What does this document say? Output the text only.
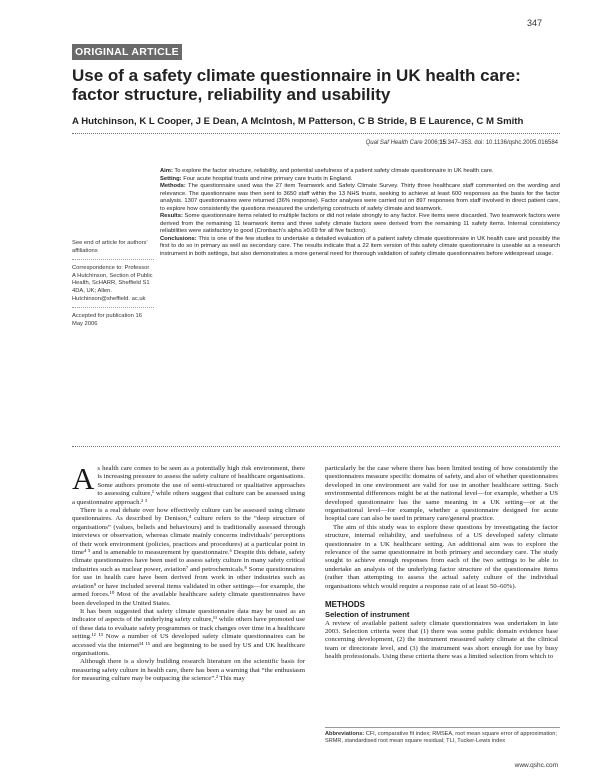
347
ORIGINAL ARTICLE
Use of a safety climate questionnaire in UK health care: factor structure, reliability and usability
A Hutchinson, K L Cooper, J E Dean, A McIntosh, M Patterson, C B Stride, B E Laurence, C M Smith
Qual Saf Health Care 2006;15:347–353. doi: 10.1136/qshc.2005.016584
See end of article for authors’ affiliations
Correspondence to: Professor A Hutchinson, Section of Public Health, ScHARR, Sheffield S1 4DA, UK; Allen. Hutchinson@sheffield. ac.uk
Accepted for publication 16 May 2006

Aim: To explore the factor structure, reliability, and potential usefulness of a patient safety climate questionnaire in UK health care.

Setting: Four acute hospital trusts and nine primary care trusts in England.

Methods: The questionnaire used was the 27 item Teamwork and Safety Climate Survey. Thirty three healthcare staff commented on the wording and relevance. The questionnaire was then sent to 3650 staff within the 13 NHS trusts, seeking to achieve at least 600 responses as the basis for the factor analysis. 1307 questionnaires were returned (36% response). Factor analyses were carried out on 897 responses from staff involved in direct patient care, to explore how consistently the questions measured the underlying constructs of safety climate and teamwork.

Results: Some questionnaire items related to multiple factors or did not relate strongly to any factor. Five items were discarded. Two teamwork factors were derived from the remaining 11 teamwork items and three safety climate factors were derived from the remaining 11 safety items. Internal consistency reliabilities were satisfactory to good (Cronbach’s alpha ≥0.69 for all five factors).

Conclusions: This is one of the few studies to undertake a detailed evaluation of a patient safety climate questionnaire in UK health care and possibly the first to do so in primary as well as secondary care. The results indicate that a 22 item version of this safety climate questionnaire is useable as a research instrument in both settings, but also demonstrates a more general need for thorough validation of safety climate questionnaires before widespread usage.

As health care comes to be seen as a potentially high risk environment, there is increasing pressure to assess the safety culture of healthcare organisations. Some authors promote the use of semi-structured or qualitative approaches to assessing culture,¹ while others suggest that culture can be assessed using a questionnaire approach.² ³

There is a real debate over how effectively culture can be assessed using climate questionnaires. As described by Denison,⁴ culture refers to the “deep structure of organisations” (values, beliefs and behaviours) and is traditionally assessed through interviews or observation, whereas climate mainly concerns individuals’ perceptions of their work environment (policies, practices and procedures) at a particular point in time⁴ ⁵ and is amenable to measurement by questionnaire.⁶ Despite this debate, safety climate questionnaires have been used to assess safety culture in many safety critical industries such as nuclear power, aviation⁷ and petrochemicals.⁸ Some questionnaires for use in health care have been derived from work in other industries such as aviation⁹ or have included several items validated in other settings—for example, the armed forces.¹⁰ Most of the available healthcare safety climate questionnaires have been developed in the United States.

It has been suggested that safety climate questionnaire data may be used as an indicator of aspects of the underlying safety culture,¹¹ while others have promoted use of these data to evaluate safety programmes or track changes over time in a healthcare setting.¹² ¹³ Now a number of US developed safety climate questionnaires can be accessed via the internet¹⁴ ¹⁵ and are beginning to be used by US and UK healthcare organisations.

Although there is a slowly building research literature on the scientific basis for measuring safety culture in health care, there has been a warning that “the enthusiasm for measuring culture may be outpacing the science”.² This may

particularly be the case where there has been limited testing of how consistently the questionnaires measure specific domains of safety, and also of whether questionnaires developed in one environment are valid for use in another healthcare setting. Such environmental differences might be at the national level—for example, whether a US developed questionnaire has the same meaning in a UK setting—or at the organisational level—for example, whether a questionnaire designed for acute hospital care can also be used in primary care/general practice.

The aim of this study was to explore these questions by investigating the factor structure, internal reliability, and usefulness of a US developed safety climate questionnaire in a UK healthcare setting. An additional aim was to explore the relevance of the same questionnaire in both primary and secondary care. The study sought to achieve enough responses from each of the two settings to be able to undertake an analysis of the underlying factor structure of the questionnaire items (rather than attempting to assess the actual safety culture of the individual organisations which would require a response rate of at least 50–60%).

METHODS
Selection of instrument

A review of available patient safety climate questionnaires was undertaken in late 2003. Selection criteria were that (1) there was some public domain evidence base concerning development, (2) the instrument measured safety climate at the clinical team or directorate level, and (3) the instrument was short enough for use by busy health professionals. Using these criteria there was a limited selection from which to

Abbreviations: CFI, comparative fit index; RMSEA, root mean square error of approximation; SRMR, standardised root mean square residual; TLI, Tucker-Lewis index
www.qshc.com
